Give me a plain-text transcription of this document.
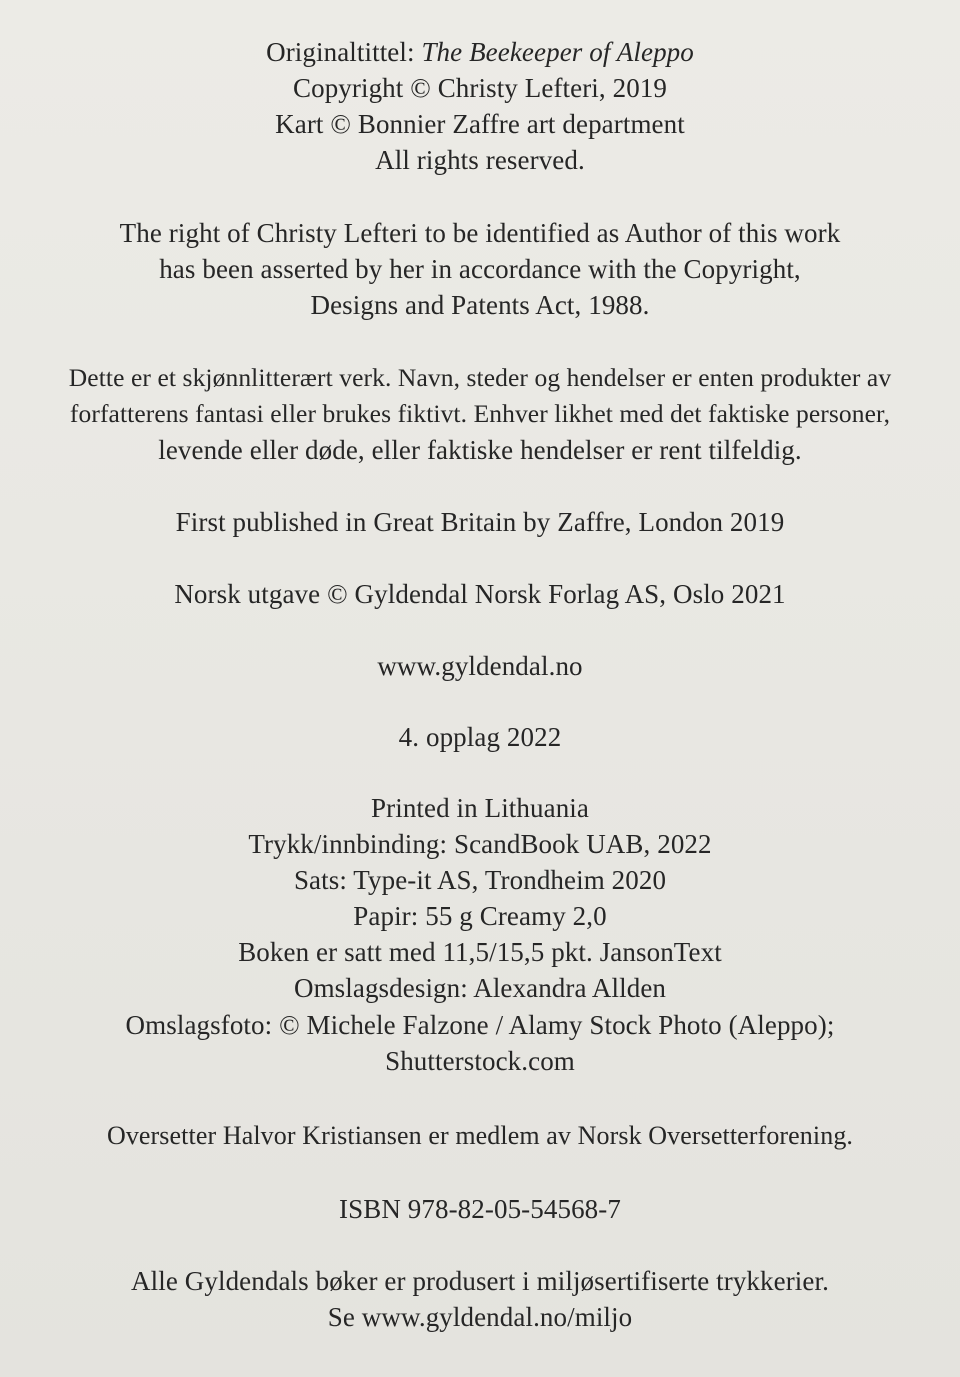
Originaltittel: The Beekeeper of Aleppo
Copyright © Christy Lefteri, 2019
Kart © Bonnier Zaffre art department
All rights reserved.
The right of Christy Lefteri to be identified as Author of this work
has been asserted by her in accordance with the Copyright,
Designs and Patents Act, 1988.
Dette er et skjønnlitterært verk. Navn, steder og hendelser er enten produkter av
forfatterens fantasi eller brukes fiktivt. Enhver likhet med det faktiske personer,
levende eller døde, eller faktiske hendelser er rent tilfeldig.
First published in Great Britain by Zaffre, London 2019
Norsk utgave © Gyldendal Norsk Forlag AS, Oslo 2021
www.gyldendal.no
4. opplag 2022
Printed in Lithuania
Trykk/innbinding: ScandBook UAB, 2022
Sats: Type-it AS, Trondheim 2020
Papir: 55 g Creamy 2,0
Boken er satt med 11,5/15,5 pkt. JansonText
Omslagsdesign: Alexandra Allden
Omslagsfoto: © Michele Falzone / Alamy Stock Photo (Aleppo);
Shutterstock.com
Oversetter Halvor Kristiansen er medlem av Norsk Oversetterforening.
ISBN 978-82-05-54568-7
Alle Gyldendals bøker er produsert i miljøsertifiserte trykkerier.
Se www.gyldendal.no/miljo
